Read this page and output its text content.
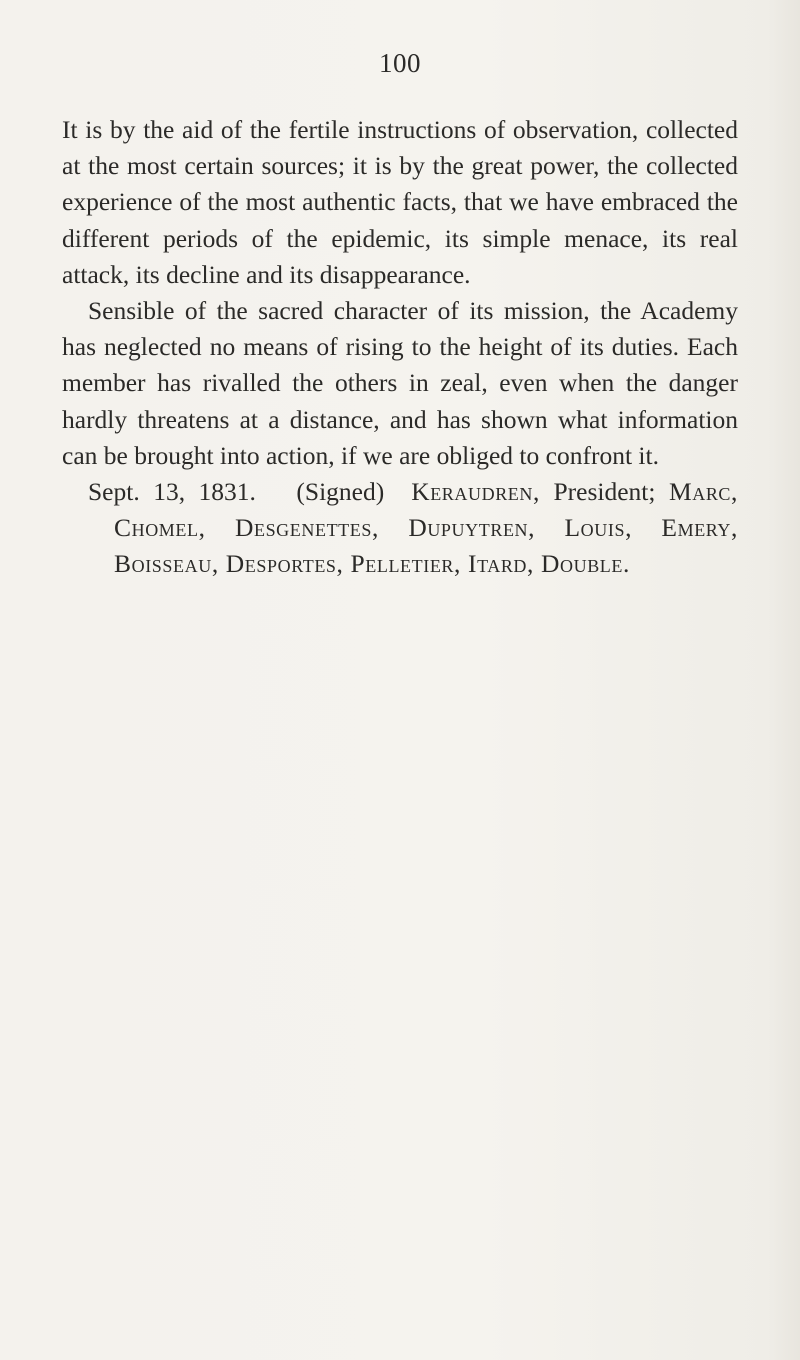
100

It is by the aid of the fertile instructions of observation, collected at the most certain sources; it is by the great power, the collected experience of the most authentic facts, that we have embraced the different periods of the epidemic, its simple menace, its real attack, its decline and its disappearance.

Sensible of the sacred character of its mission, the Academy has neglected no means of rising to the height of its duties. Each member has rivalled the others in zeal, even when the danger hardly threatens at a distance, and has shown what information can be brought into action, if we are obliged to confront it.

Sept. 13, 1831. (Signed) Keraudren, President; Marc, Chomel, Desgenettes, Dupuytren, Louis, Emery, Boisseau, Desportes, Pelletier, Itard, Double.
